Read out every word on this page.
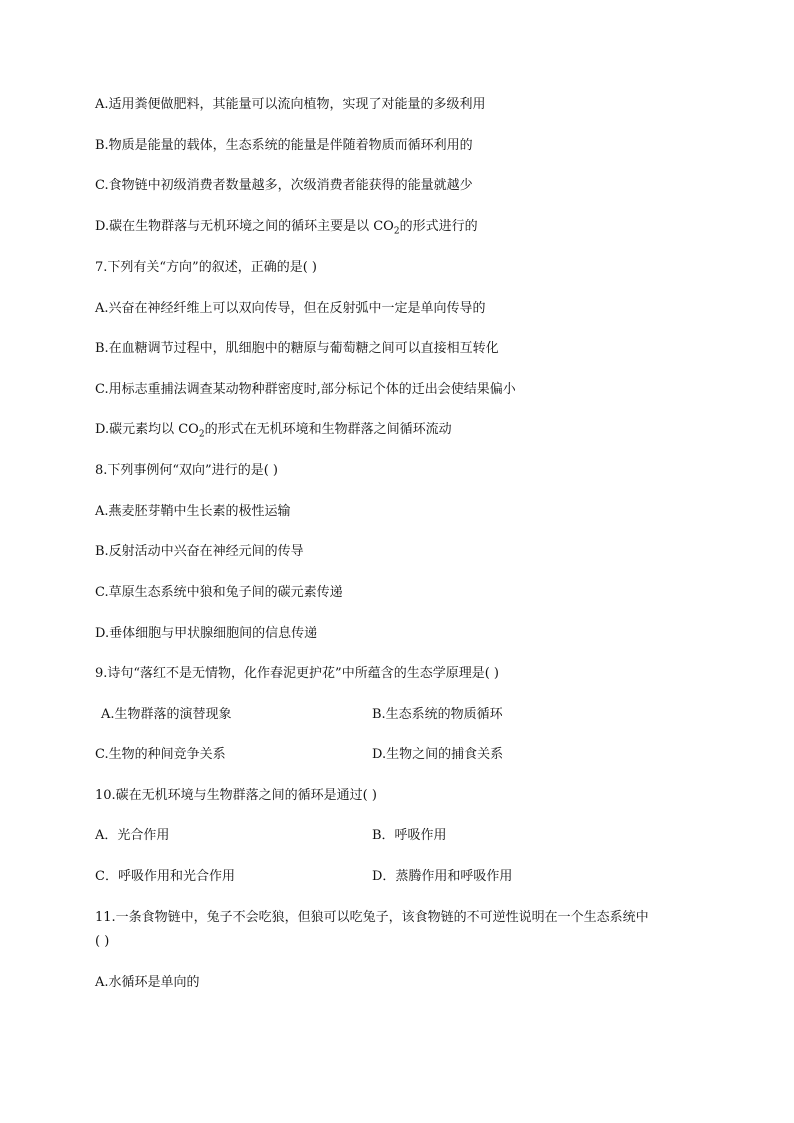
A.适用粪便做肥料，其能量可以流向植物，实现了对能量的多级利用
B.物质是能量的载体，生态系统的能量是伴随着物质而循环利用的
C.食物链中初级消费者数量越多，次级消费者能获得的能量就越少
D.碳在生物群落与无机环境之间的循环主要是以 $CO_2$的形式进行的
7.下列有关“方向”的叙述，正确的是( )
A.兴奋在神经纤维上可以双向传导，但在反射弧中一定是单向传导的
B.在血糖调节过程中，肌细胞中的糖原与葡萄糖之间可以直接相互转化
C.用标志重捕法调查某动物种群密度时,部分标记个体的迁出会使结果偏小
D.碳元素均以 $CO_2$的形式在无机环境和生物群落之间循环流动
8.下列事例何“双向”进行的是( )
A.燕麦胚芽鞘中生长素的极性运输
B.反射活动中兴奋在神经元间的传导
C.草原生态系统中狼和兔子间的碳元素传递
D.垂体细胞与甲状腺细胞间的信息传递
9.诗句“落红不是无情物，化作春泥更护花”中所蕴含的生态学原理是( )
A.生物群落的演替现象	B.生态系统的物质循环
C.生物的种间竞争关系	D.生物之间的捕食关系
10.碳在无机环境与生物群落之间的循环是通过( )
A．光合作用	B．呼吸作用
C．呼吸作用和光合作用	D．蒸腾作用和呼吸作用
11.一条食物链中，兔子不会吃狼，但狼可以吃兔子，该食物链的不可逆性说明在一个生态系统中
( )
A.水循环是单向的
